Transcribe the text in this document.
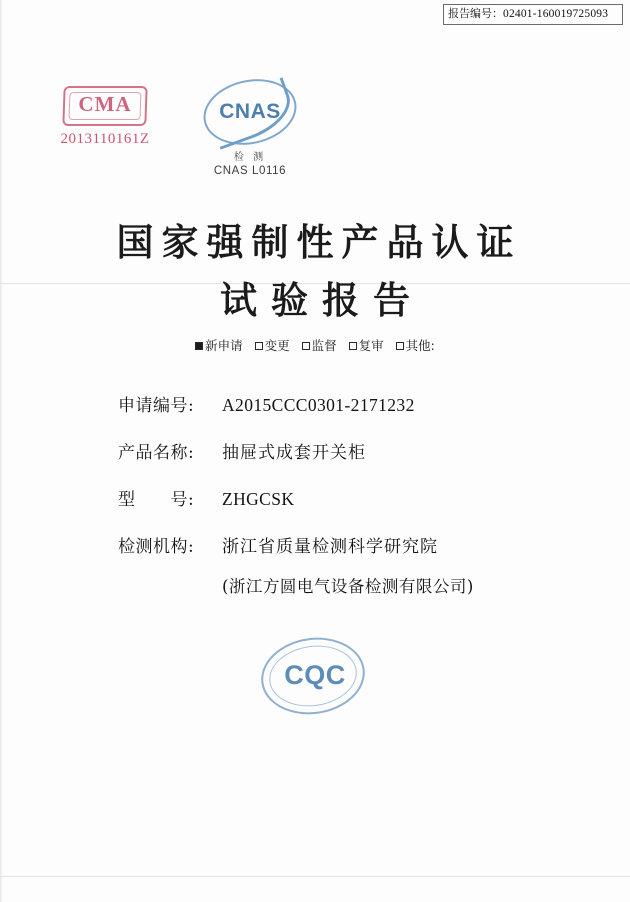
报告编号：02401-160019725093
CMA
2013110161Z
CNAS
检 测
CNAS L0116
国家强制性产品认证
试验报告
新申请 变更 监督 复审 其他:
申请编号: A2015CCC0301-2171232
产品名称: 抽屉式成套开关柜
型　　号: ZHGCSK
检测机构: 浙江省质量检测科学研究院
(浙江方圆电气设备检测有限公司)
CQC
